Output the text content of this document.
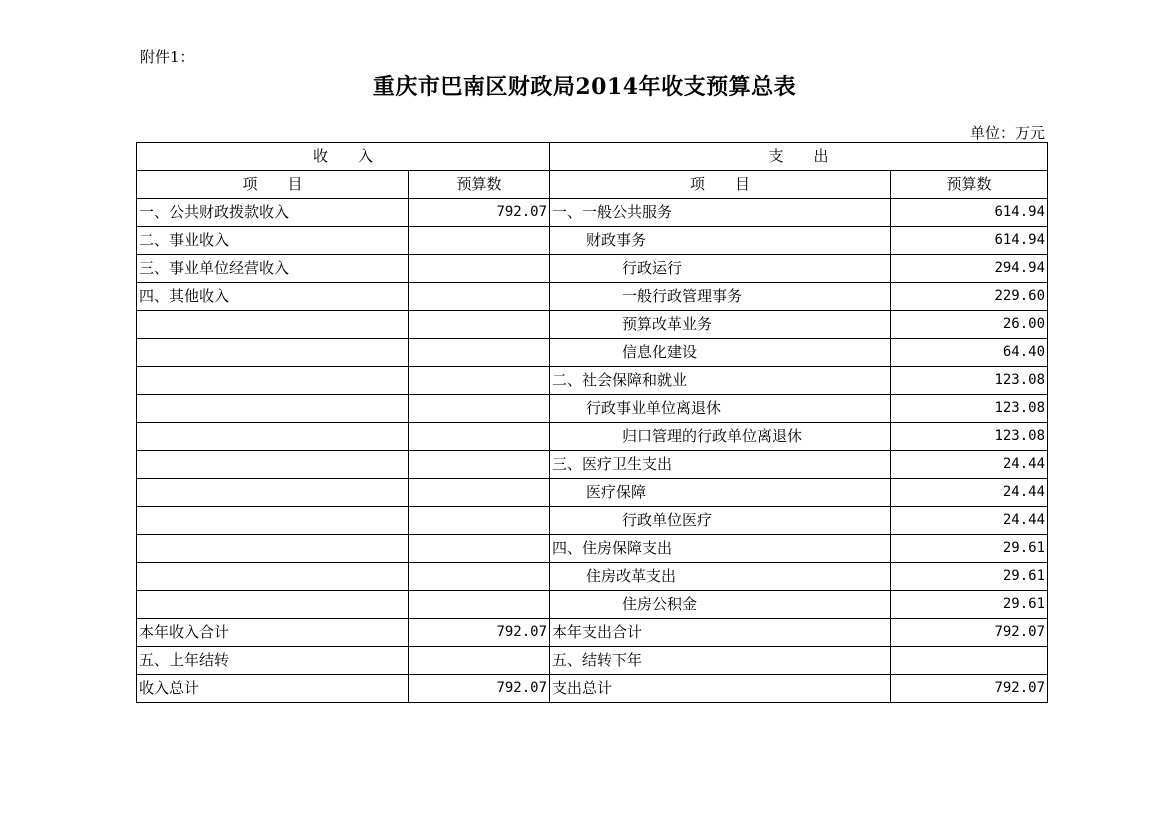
附件1：
重庆市巴南区财政局2014年收支预算总表
单位：万元
收　　入		支　　出	
项　　目	预算数	项　　目	预算数
一、公共财政拨款收入	792.07	一、一般公共服务	614.94
二、事业收入		财政事务	614.94
三、事业单位经营收入		行政运行	294.94
四、其他收入		一般行政管理事务	229.60
		预算改革业务	26.00
		信息化建设	64.40
		二、社会保障和就业	123.08
		行政事业单位离退休	123.08
		归口管理的行政单位离退休	123.08
		三、医疗卫生支出	24.44
		医疗保障	24.44
		行政单位医疗	24.44
		四、住房保障支出	29.61
		住房改革支出	29.61
		住房公积金	29.61
本年收入合计	792.07	本年支出合计	792.07
五、上年结转		五、结转下年	
收入总计	792.07	支出总计	792.07
